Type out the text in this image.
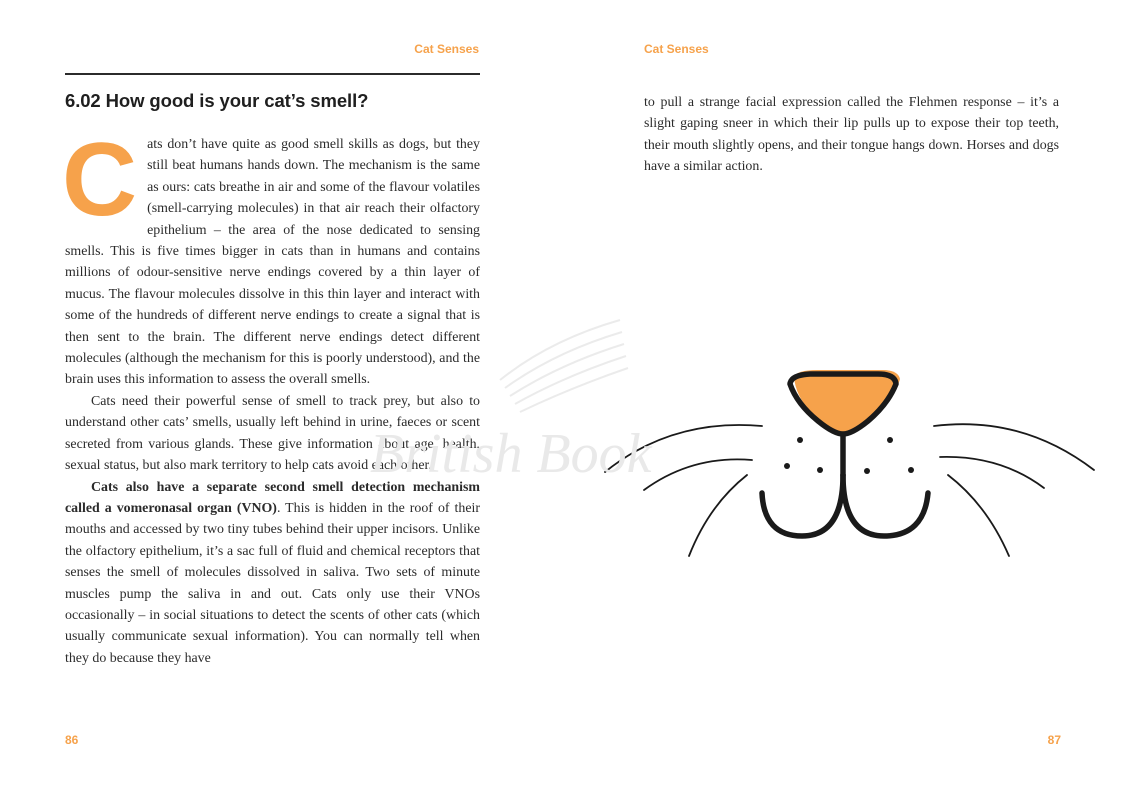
Cat Senses
6.02 How good is your cat’s smell?

Cats don’t have quite as good smell skills as dogs, but they still beat humans hands down. The mechanism is the same as ours: cats breathe in air and some of the flavour volatiles (smell-carrying molecules) in that air reach their olfactory epithelium – the area of the nose dedicated to sensing smells. This is five times bigger in cats than in humans and contains millions of odour-sensitive nerve endings covered by a thin layer of mucus. The flavour molecules dissolve in this thin layer and interact with some of the hundreds of different nerve endings to create a signal that is then sent to the brain. The different nerve endings detect different molecules (although the mechanism for this is poorly understood), and the brain uses this information to assess the overall smells.

Cats need their powerful sense of smell to track prey, but also to understand other cats’ smells, usually left behind in urine, faeces or scent secreted from various glands. These give information about age, health, sexual status, but also mark territory to help cats avoid each other.

Cats also have a separate second smell detection mechanism called a vomeronasal organ (VNO). This is hidden in the roof of their mouths and accessed by two tiny tubes behind their upper incisors. Unlike the olfactory epithelium, it’s a sac full of fluid and chemical receptors that senses the smell of molecules dissolved in saliva. Two sets of minute muscles pump the saliva in and out. Cats only use their VNOs occasionally – in social situations to detect the scents of other cats (which usually communicate sexual information). You can normally tell when they do because they have

86
Cat Senses

to pull a strange facial expression called the Flehmen response – it’s a slight gaping sneer in which their lip pulls up to expose their top teeth, their mouth slightly opens, and their tongue hangs down. Horses and dogs have a similar action.

British Book
87
